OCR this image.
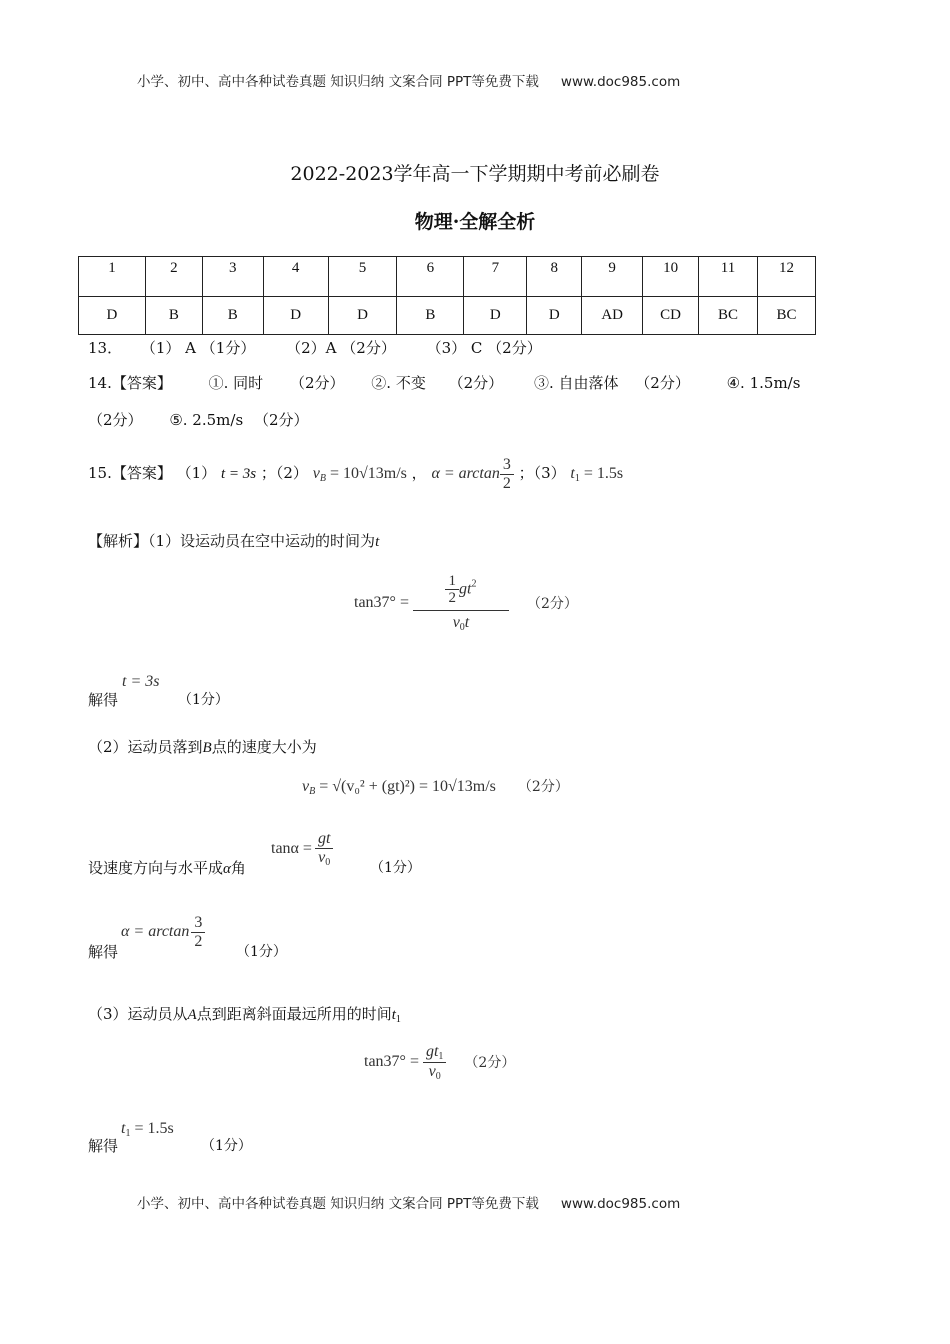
小学、初中、高中各种试卷真题 知识归纳 文案合同 PPT等免费下载 www.doc985.com
2022-2023学年高一下学期期中考前必刷卷
物理·全解全析
1	2	3	4	5	6	7	8	9	10	11	12
D	B	B	D	D	B	D	D	AD	CD	BC	BC
13． （1） A （1分） （2）A （2分） （3） C （2分）
14.【答案】 ①. 同时 （2分） ②. 不变 （2分） ③. 自由落体 （2分） ④. 1.5m/s
（2分） ⑤. 2.5m/s （2分）
15.【答案】 （1） t = 3s ；（2） $v_B = 10√13m/s$ ， $\alpha = \arctan \frac{3}{2}$ ；（3） $t_1 = 1.5s$
【解析】（1）设运动员在空中运动的时间为t
$\tan 37^\circ = \frac{\frac{1}{2} gt^2}{v_0t} (2$分）
解得
t = 3s
（1分）
（2）运动员落到B点的速度大小为
$v_B = √(v_0^2 + (gt)^2) = 10√13m/s$ （2分）
设速度方向与水平成α角
$\tan\alpha = \frac{gt}{v_0}$
（1分）
解得
$\alpha = \arctan \frac{3}{2}$
（1分）
（3）运动员从A点到距离斜面最远所用的时间$t_1$
$\tan 37^\circ = \frac{gt_1}{v_0} (2$分）
解得
$t_1 = 1.5s$
（1分）
小学、初中、高中各种试卷真题 知识归纳 文案合同 PPT等免费下载 www.doc985.com
